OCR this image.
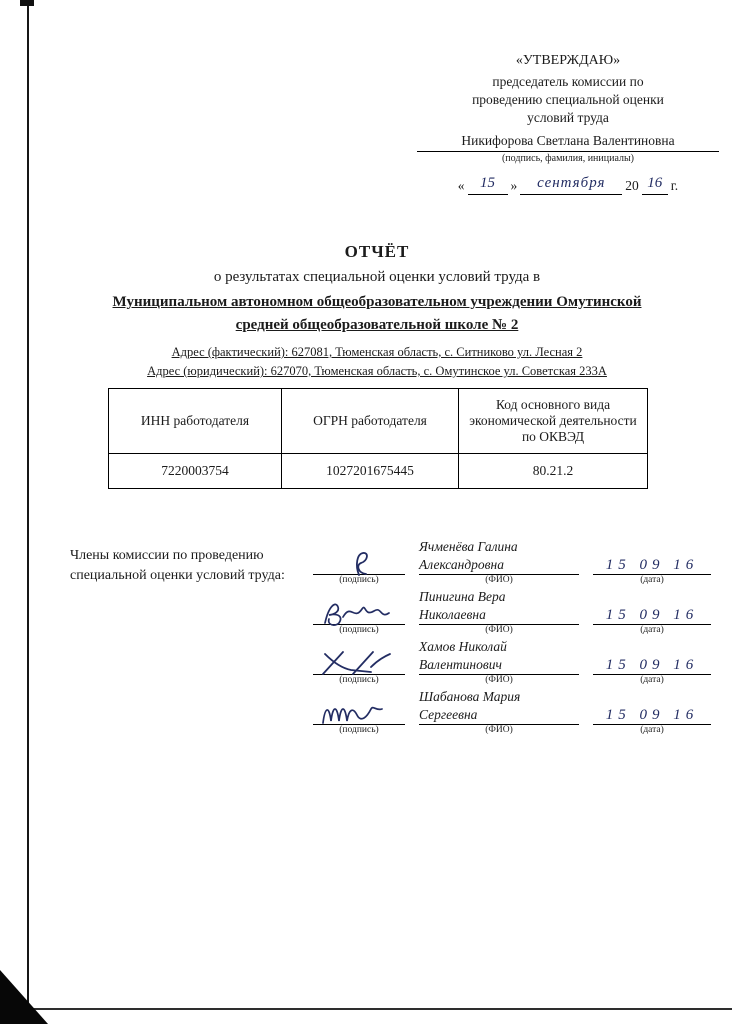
«УТВЕРЖДАЮ»
председатель комиссии по
проведению специальной оценки
условий труда
Никифорова Светлана Валентиновна
(подпись, фамилия, инициалы)
«	15	»	сентября	20 16 г.
ОТЧЁТ
о результатах специальной оценки условий труда в
Муниципальном автономном общеобразовательном учреждении Омутинской
средней общеобразовательной школе № 2
Адрес (фактический): 627081, Тюменская область, с. Ситниково ул. Лесная 2
Адрес (юридический): 627070, Тюменская область, с. Омутинское ул. Советская 233А
ИНН работодателя	ОГРН работодателя	Код основного вида экономической деятельности по ОКВЭД
7220003754	1027201675445	80.21.2
Члены комиссии по проведению
специальной оценки условий труда:	(подпись)
Ячменёва Галина
Александровна
(ФИО)
15 09 16
(дата)
(подпись)
Пинигина Вера
Николаевна
(ФИО)
15 09 16
(дата)
(подпись)
Хамов Николай
Валентинович
(ФИО)
15 09 16
(дата)
(подпись)
Шабанова Мария
Сергеевна
(ФИО)
15 09 16
(дата)
